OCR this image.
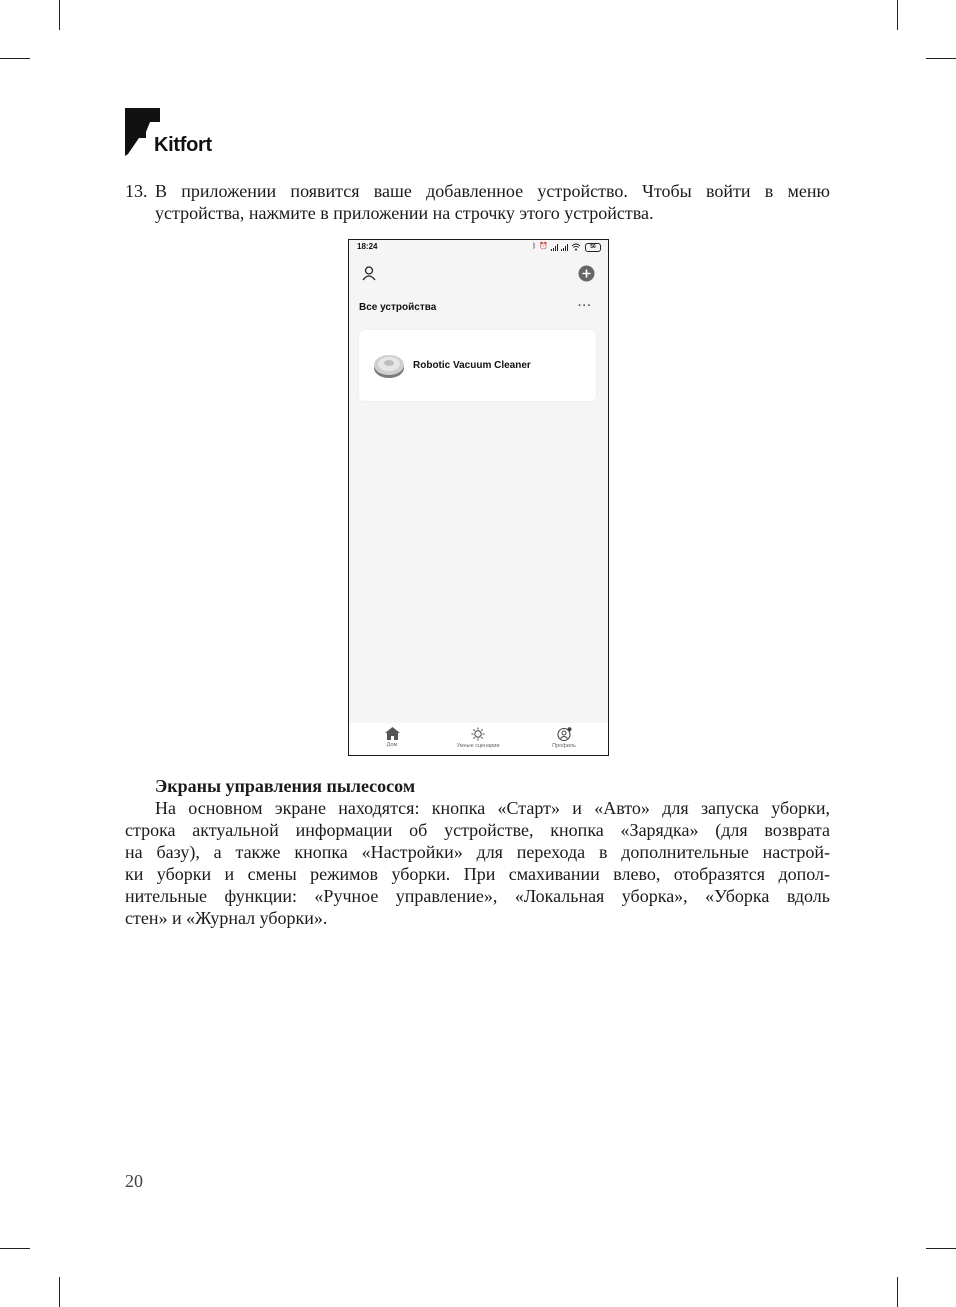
Kitfort
13. В приложении появится ваше добавленное устройство. Чтобы войти в меню
устройства, нажмите в приложении на строчку этого устройства.
18:24	ᛒ ⏰	56
Все устройства	···
Robotic Vacuum Cleaner
Дом	Умные сценарии	Профиль
Экраны управления пылесосом
На основном экране находятся: кнопка «Старт» и «Авто» для запуска уборки,
строка актуальной информации об устройстве, кнопка «Зарядка» (для возврата
на базу), а также кнопка «Настройки» для перехода в дополнительные настрой-
ки уборки и смены режимов уборки. При смахивании влево, отобразятся допол-
нительные функции: «Ручное управление», «Локальная уборка», «Уборка вдоль
стен» и «Журнал уборки».
20
